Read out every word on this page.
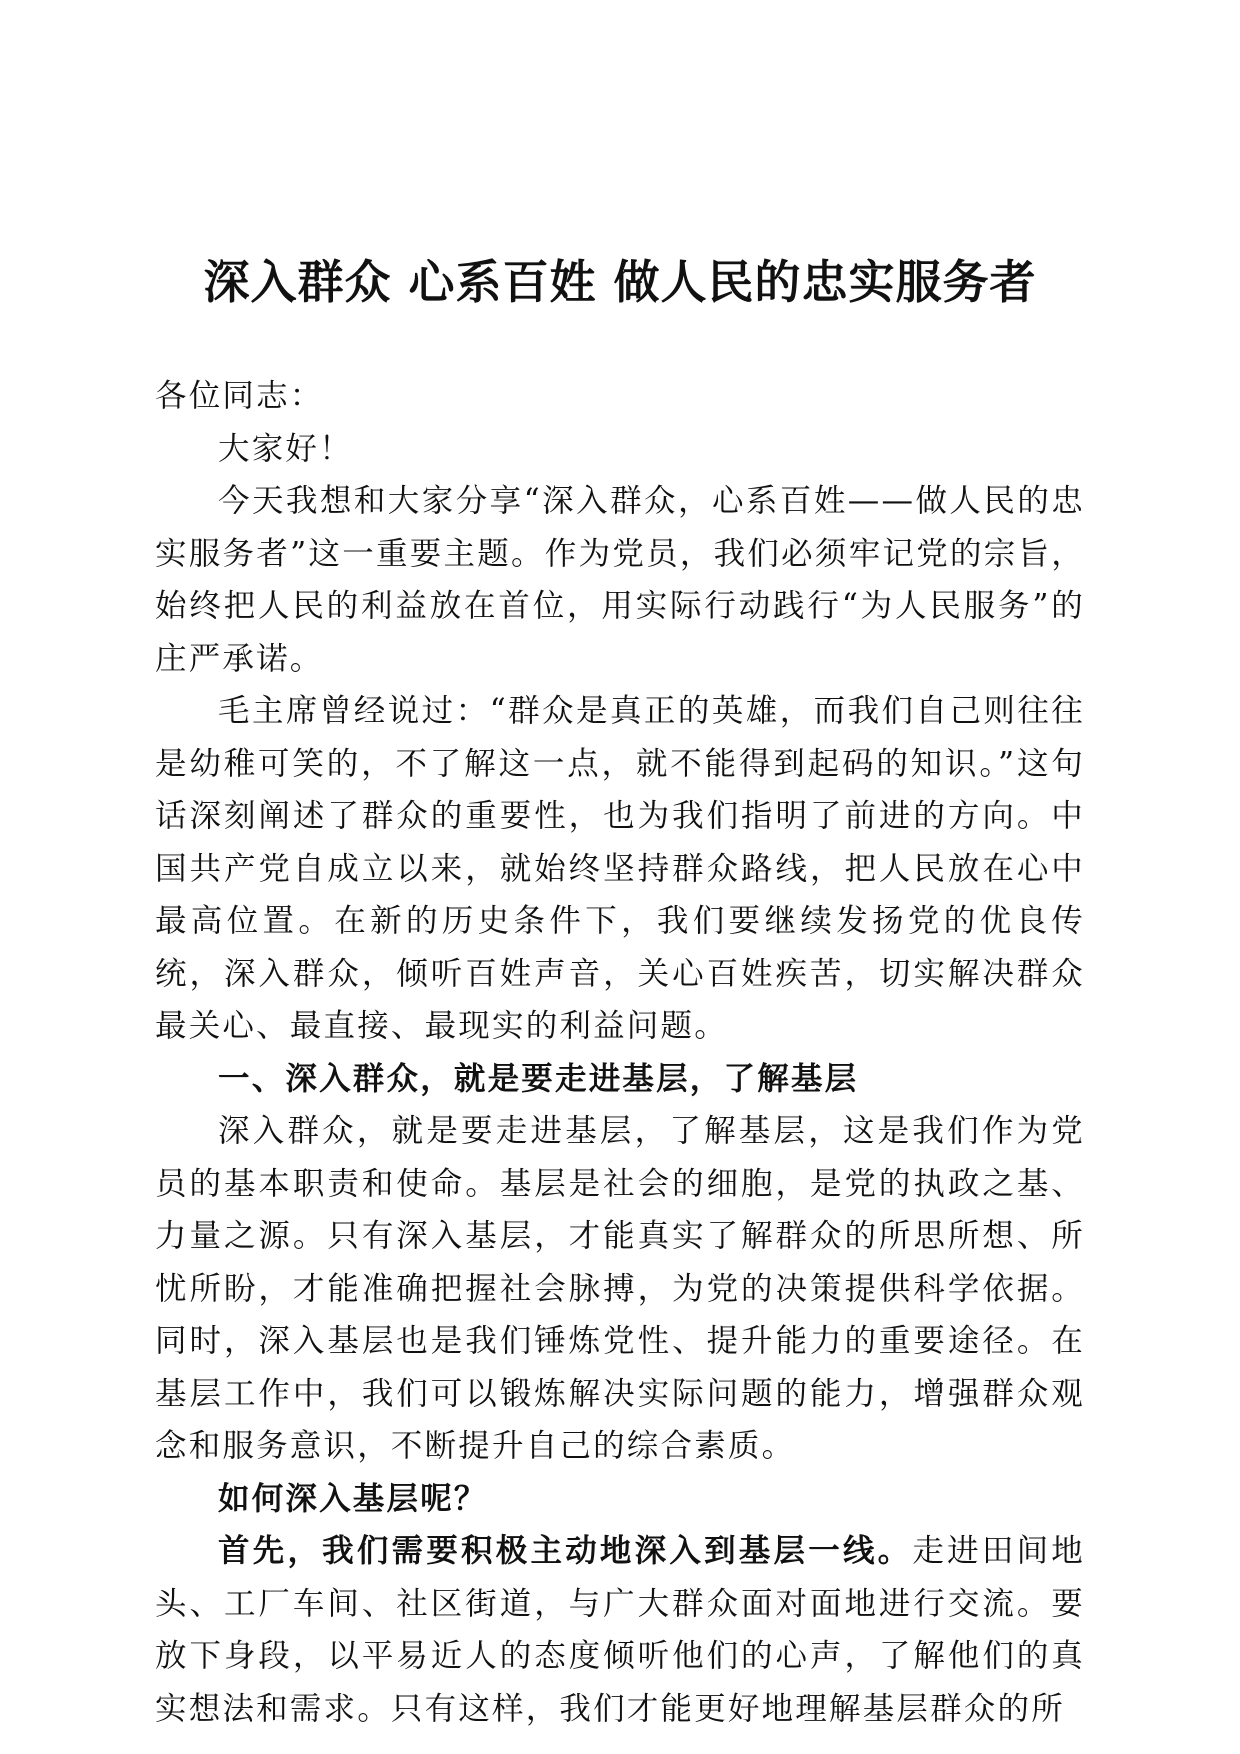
深入群众 心系百姓 做人民的忠实服务者

各位同志：

大家好！

今天我想和大家分享“深入群众，心系百姓——做人民的忠实服务者”这一重要主题。作为党员，我们必须牢记党的宗旨，始终把人民的利益放在首位，用实际行动践行“为人民服务”的庄严承诺。

毛主席曾经说过：“群众是真正的英雄，而我们自己则往往是幼稚可笑的，不了解这一点，就不能得到起码的知识。”这句话深刻阐述了群众的重要性，也为我们指明了前进的方向。中国共产党自成立以来，就始终坚持群众路线，把人民放在心中最高位置。在新的历史条件下，我们要继续发扬党的优良传统，深入群众，倾听百姓声音，关心百姓疾苦，切实解决群众最关心、最直接、最现实的利益问题。

一、深入群众，就是要走进基层，了解基层

深入群众，就是要走进基层，了解基层，这是我们作为党员的基本职责和使命。基层是社会的细胞，是党的执政之基、力量之源。只有深入基层，才能真实了解群众的所思所想、所忧所盼，才能准确把握社会脉搏，为党的决策提供科学依据。同时，深入基层也是我们锤炼党性、提升能力的重要途径。在基层工作中，我们可以锻炼解决实际问题的能力，增强群众观念和服务意识，不断提升自己的综合素质。

如何深入基层呢？

首先，我们需要积极主动地深入到基层一线。走进田间地头、工厂车间、社区街道，与广大群众面对面地进行交流。要放下身段，以平易近人的态度倾听他们的心声，了解他们的真实想法和需求。只有这样，我们才能更好地理解基层群众的所
